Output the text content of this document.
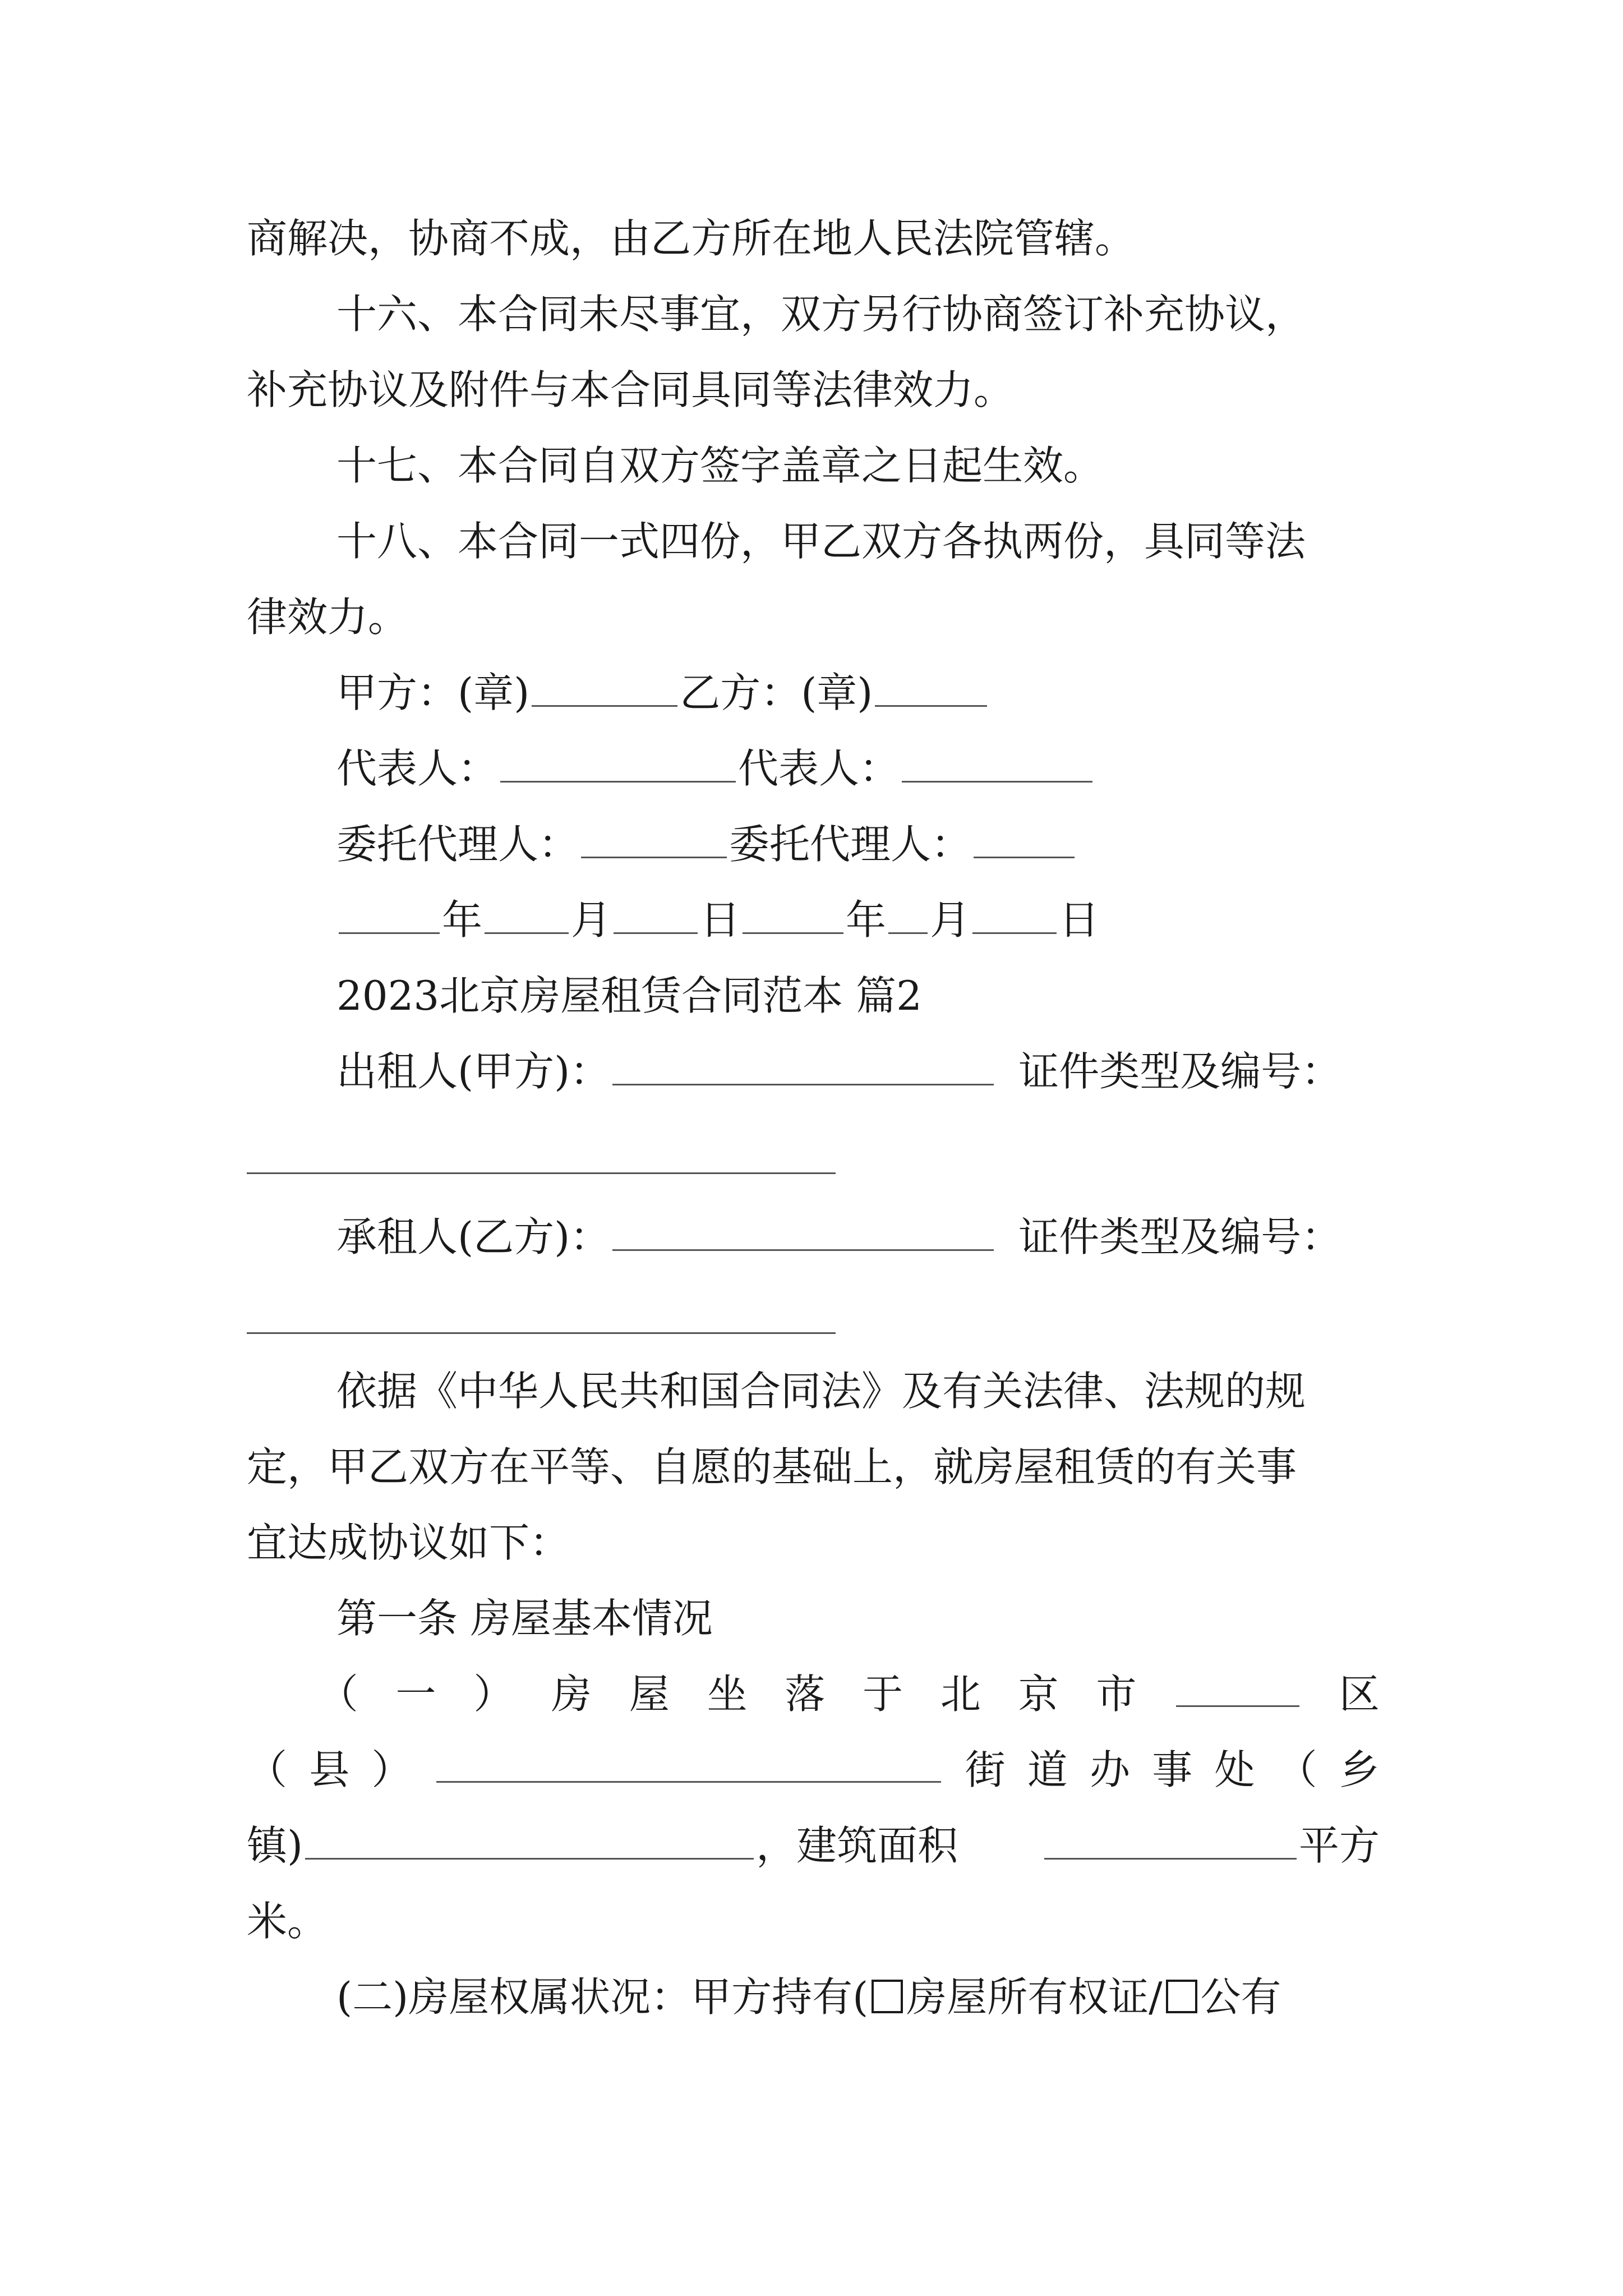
商解决，协商不成，由乙方所在地人民法院管辖。
十六、本合同未尽事宜，双方另行协商签订补充协议，
补充协议及附件与本合同具同等法律效力。
十七、本合同自双方签字盖章之日起生效。
十八、本合同一式四份，甲乙双方各执两份，具同等法
律效力。
甲方：(章)	乙方：(章)
代表人：	代表人：
委托代理人：	委托代理人：
年 月 日	年 月 日
2023北京房屋租赁合同范本 篇2
出租人(甲方)：	证件类型及编号：
承租人(乙方)：	证件类型及编号：
依据《中华人民共和国合同法》及有关法律、法规的规
定，甲乙双方在平等、自愿的基础上，就房屋租赁的有关事
宜达成协议如下：
第一条 房屋基本情况
（ 一 ） 房 屋 坐 落 于 北 京 市	区
（ 县 ）	街 道 办 事 处 （ 乡
镇)	，建筑面积	平方
米。
(二)房屋权属状况：甲方持有( 房屋所有权证/ 公有
